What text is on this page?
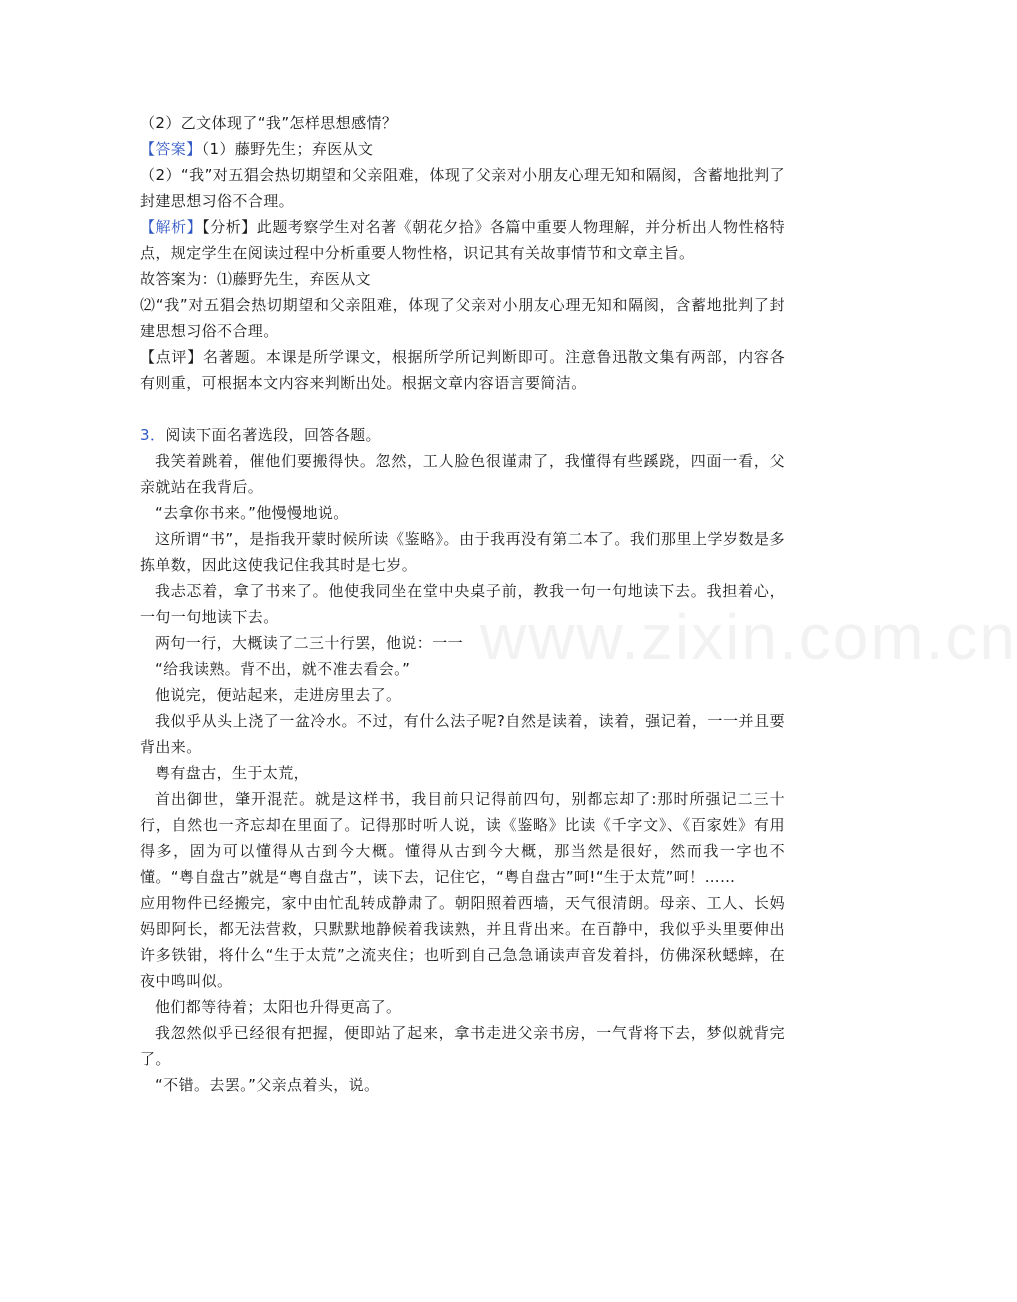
www.zixin.com.cn

（2）乙文体现了“我”怎样思想感情？

【答案】（1）藤野先生；弃医从文

（2）“我”对五猖会热切期望和父亲阻难，体现了父亲对小朋友心理无知和隔阂，含蓄地批判了封建思想习俗不合理。

【解析】【分析】此题考察学生对名著《朝花夕拾》各篇中重要人物理解，并分析出人物性格特点，规定学生在阅读过程中分析重要人物性格，识记其有关故事情节和文章主旨。

故答案为：⑴藤野先生，弃医从文

⑵“我”对五猖会热切期望和父亲阻难，体现了父亲对小朋友心理无知和隔阂，含蓄地批判了封建思想习俗不合理。

【点评】名著题。本课是所学课文，根据所学所记判断即可。注意鲁迅散文集有两部，内容各有则重，可根据本文内容来判断出处。根据文章内容语言要简洁。

3．阅读下面名著选段，回答各题。

我笑着跳着，催他们要搬得快。忽然，工人脸色很谨肃了，我懂得有些蹊跷，四面一看，父亲就站在我背后。

“去拿你书来。”他慢慢地说。

这所谓“书”，是指我开蒙时候所读《鉴略》。由于我再没有第二本了。我们那里上学岁数是多拣单数，因此这使我记住我其时是七岁。

我忐忑着，拿了书来了。他使我同坐在堂中央桌子前，教我一句一句地读下去。我担着心，一句一句地读下去。

两句一行，大概读了二三十行罢，他说：一一

“给我读熟。背不出，就不准去看会。”

他说完，便站起来，走进房里去了。

我似乎从头上浇了一盆冷水。不过，有什么法子呢?自然是读着，读着，强记着，一一并且要背出来。

粤有盘古，生于太荒，

首出御世，肇开混茫。就是这样书，我目前只记得前四句，别都忘却了:那时所强记二三十行，自然也一齐忘却在里面了。记得那时听人说，读《鉴略》比读《千字文》、《百家姓》有用得多，固为可以懂得从古到今大概。懂得从古到今大概，那当然是很好，然而我一字也不懂。“粤自盘古”就是“粤自盘古”，读下去，记住它，“粤自盘古”呵!“生于太荒”呵！……

应用物件已经搬完，家中由忙乱转成静肃了。朝阳照着西墙，天气很清朗。母亲、工人、长妈妈即阿长，都无法营救，只默默地静候着我读熟，并且背出来。在百静中，我似乎头里要伸出许多铁钳，将什么“生于太荒”之流夹住；也听到自己急急诵读声音发着抖，仿佛深秋蟋蟀，在夜中鸣叫似。

他们都等待着；太阳也升得更高了。

我忽然似乎已经很有把握，便即站了起来，拿书走进父亲书房，一气背将下去，梦似就背完了。

“不错。去罢。”父亲点着头，说。
